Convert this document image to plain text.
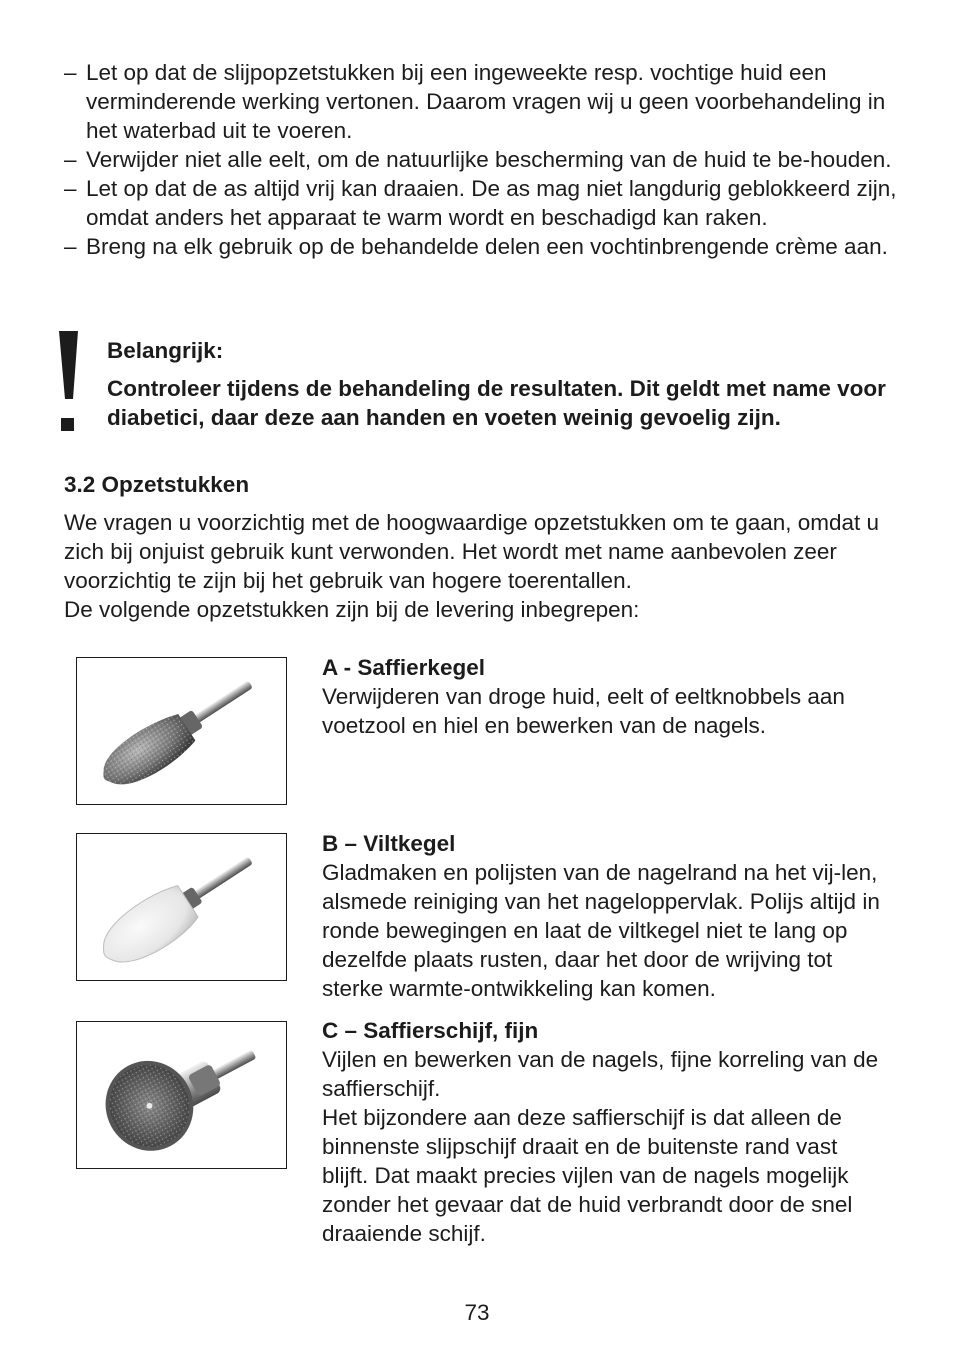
– Let op dat de slijpopzetstukken bij een ingeweekte resp. vochtige huid een verminderende werking vertonen. Daarom vragen wij u geen voorbehandeling in het waterbad uit te voeren.
– Verwijder niet alle eelt, om de natuurlijke bescherming van de huid te be-houden.
– Let op dat de as altijd vrij kan draaien. De as mag niet langdurig geblokkeerd zijn, omdat anders het apparaat te warm wordt en beschadigd kan raken.
– Breng na elk gebruik op de behandelde delen een vochtinbrengende crème aan.
Belangrijk:
Controleer tijdens de behandeling de resultaten. Dit geldt met name voor diabetici, daar deze aan handen en voeten weinig gevoelig zijn.
3.2 Opzetstukken
We vragen u voorzichtig met de hoogwaardige opzetstukken om te gaan, omdat u zich bij onjuist gebruik kunt verwonden. Het wordt met name aanbevolen zeer voorzichtig te zijn bij het gebruik van hogere toerentallen.
De volgende opzetstukken zijn bij de levering inbegrepen:
A - Saffierkegel
Verwijderen van droge huid, eelt of eeltknobbels aan voetzool en hiel en bewerken van de nagels.
B – Viltkegel
Gladmaken en polijsten van de nagelrand na het vij-len, alsmede reiniging van het nageloppervlak. Polijs altijd in ronde bewegingen en laat de viltkegel niet te lang op dezelfde plaats rusten, daar het door de wrijving tot sterke warmte-ontwikkeling kan komen.
C – Saffierschijf, fijn
Vijlen en bewerken van de nagels, fijne korreling van de saffierschijf.
Het bijzondere aan deze saffierschijf is dat alleen de binnenste slijpschijf draait en de buitenste rand vast blijft. Dat maakt precies vijlen van de nagels mogelijk zonder het gevaar dat de huid verbrandt door de snel draaiende schijf.
73
